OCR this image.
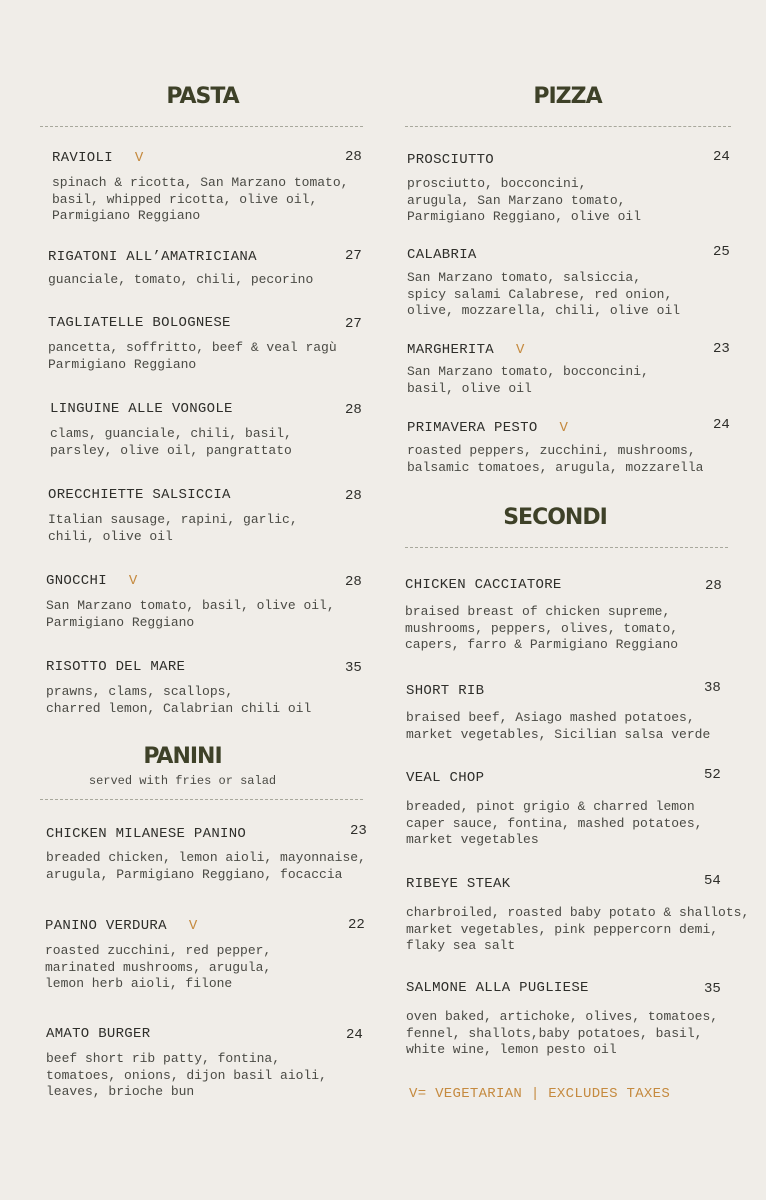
PASTA
RAVIOLI V	28
spinach & ricotta, San Marzano tomato,
basil, whipped ricotta, olive oil,
Parmigiano Reggiano
RIGATONI ALL’AMATRICIANA	27
guanciale, tomato, chili, pecorino
TAGLIATELLE BOLOGNESE	27
pancetta, soffritto, beef & veal ragù
Parmigiano Reggiano
LINGUINE ALLE VONGOLE	28
clams, guanciale, chili, basil,
parsley, olive oil, pangrattato
ORECCHIETTE SALSICCIA	28
Italian sausage, rapini, garlic,
chili, olive oil
GNOCCHI V	28
San Marzano tomato, basil, olive oil,
Parmigiano Reggiano
RISOTTO DEL MARE	35
prawns, clams, scallops,
charred lemon, Calabrian chili oil
PANINI
served with fries or salad
CHICKEN MILANESE PANINO	23
breaded chicken, lemon aioli, mayonnaise,
arugula, Parmigiano Reggiano, focaccia
PANINO VERDURA V	22
roasted zucchini, red pepper,
marinated mushrooms, arugula,
lemon herb aioli, filone
AMATO BURGER	24
beef short rib patty, fontina,
tomatoes, onions, dijon basil aioli,
leaves, brioche bun
PIZZA
PROSCIUTTO	24
prosciutto, bocconcini,
arugula, San Marzano tomato,
Parmigiano Reggiano, olive oil
CALABRIA	25
San Marzano tomato, salsiccia,
spicy salami Calabrese, red onion,
olive, mozzarella, chili, olive oil
MARGHERITA V	23
San Marzano tomato, bocconcini,
basil, olive oil
PRIMAVERA PESTO V	24
roasted peppers, zucchini, mushrooms,
balsamic tomatoes, arugula, mozzarella
SECONDI
CHICKEN CACCIATORE	28
braised breast of chicken supreme,
mushrooms, peppers, olives, tomato,
capers, farro & Parmigiano Reggiano
SHORT RIB	38
braised beef, Asiago mashed potatoes,
market vegetables, Sicilian salsa verde
VEAL CHOP	52
breaded, pinot grigio & charred lemon
caper sauce, fontina, mashed potatoes,
market vegetables
RIBEYE STEAK	54
charbroiled, roasted baby potato & shallots,
market vegetables, pink peppercorn demi,
flaky sea salt
SALMONE ALLA PUGLIESE	35
oven baked, artichoke, olives, tomatoes,
fennel, shallots,baby potatoes, basil,
white wine, lemon pesto oil
V= VEGETARIAN | EXCLUDES TAXES
